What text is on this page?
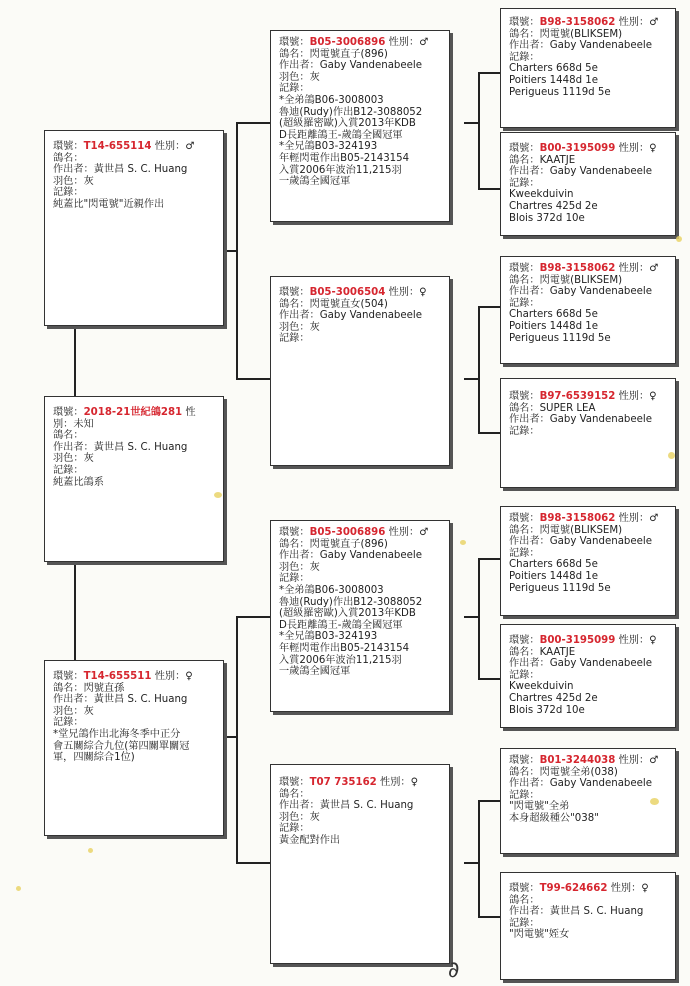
環號：T14-655114 性別：♂
鴿名：
作出者：黃世昌 S. C. Huang
羽色：灰
記錄：
純蓋比"閃電號"近親作出
環號：2018-21世紀鴿281 性
別：未知
鴿名：
作出者：黃世昌 S. C. Huang
羽色：灰
記錄：
純蓋比鴿系
環號：T14-655511 性別：♀
鴿名：閃號直孫
作出者：黃世昌 S. C. Huang
羽色：灰
記錄：
*堂兄鴿作出北海冬季中正分
會五關綜合九位(第四關單關冠
軍，四關綜合1位)
環號：B05-3006896 性別：♂
鴿名：閃電號直子(896)
作出者：Gaby Vandenabeele
羽色：灰
記錄：
*全弟鴿B06-3008003
魯迪(Rudy)作出B12-3088052
(超級羅密歐)入賞2013年KDB
D長距離鴿王-歲鴿全國冠軍
*全兄鴿B03-324193
年輕閃電作出B05-2143154
入賞2006年波治11,215羽
一歲鴿全國冠軍
環號：B05-3006504 性別：♀
鴿名：閃電號直女(504)
作出者：Gaby Vandenabeele
羽色：灰
記錄：
環號：B05-3006896 性別：♂
鴿名：閃電號直子(896)
作出者：Gaby Vandenabeele
羽色：灰
記錄：
*全弟鴿B06-3008003
魯迪(Rudy)作出B12-3088052
(超級羅密歐)入賞2013年KDB
D長距離鴿王-歲鴿全國冠軍
*全兄鴿B03-324193
年輕閃電作出B05-2143154
入賞2006年波治11,215羽
一歲鴿全國冠軍
環號：T07 735162 性別：♀
鴿名：
作出者：黃世昌 S. C. Huang
羽色：灰
記錄：
黃金配對作出
環號：B98-3158062 性別：♂
鴿名：閃電號(BLIKSEM)
作出者：Gaby Vandenabeele
記錄：
Charters 668d 5e
Poitiers 1448d 1e
Perigueus 1119d 5e
環號：B00-3195099 性別：♀
鴿名：KAATJE
作出者：Gaby Vandenabeele
記錄：
Kweekduivin
Chartres 425d 2e
Blois 372d 10e
環號：B98-3158062 性別：♂
鴿名：閃電號(BLIKSEM)
作出者：Gaby Vandenabeele
記錄：
Charters 668d 5e
Poitiers 1448d 1e
Perigueus 1119d 5e
環號：B97-6539152 性別：♀
鴿名：SUPER LEA
作出者：Gaby Vandenabeele
記錄：
環號：B98-3158062 性別：♂
鴿名：閃電號(BLIKSEM)
作出者：Gaby Vandenabeele
記錄：
Charters 668d 5e
Poitiers 1448d 1e
Perigueus 1119d 5e
環號：B00-3195099 性別：♀
鴿名：KAATJE
作出者：Gaby Vandenabeele
記錄：
Kweekduivin
Chartres 425d 2e
Blois 372d 10e
環號：B01-3244038 性別：♂
鴿名：閃電號全弟(038)
作出者：Gaby Vandenabeele
記錄：
"閃電號"全弟
本身超級種公"038"
環號：T99-624662 性別：♀
鴿名：
作出者：黃世昌 S. C. Huang
記錄：
"閃電號"姪女
∂
